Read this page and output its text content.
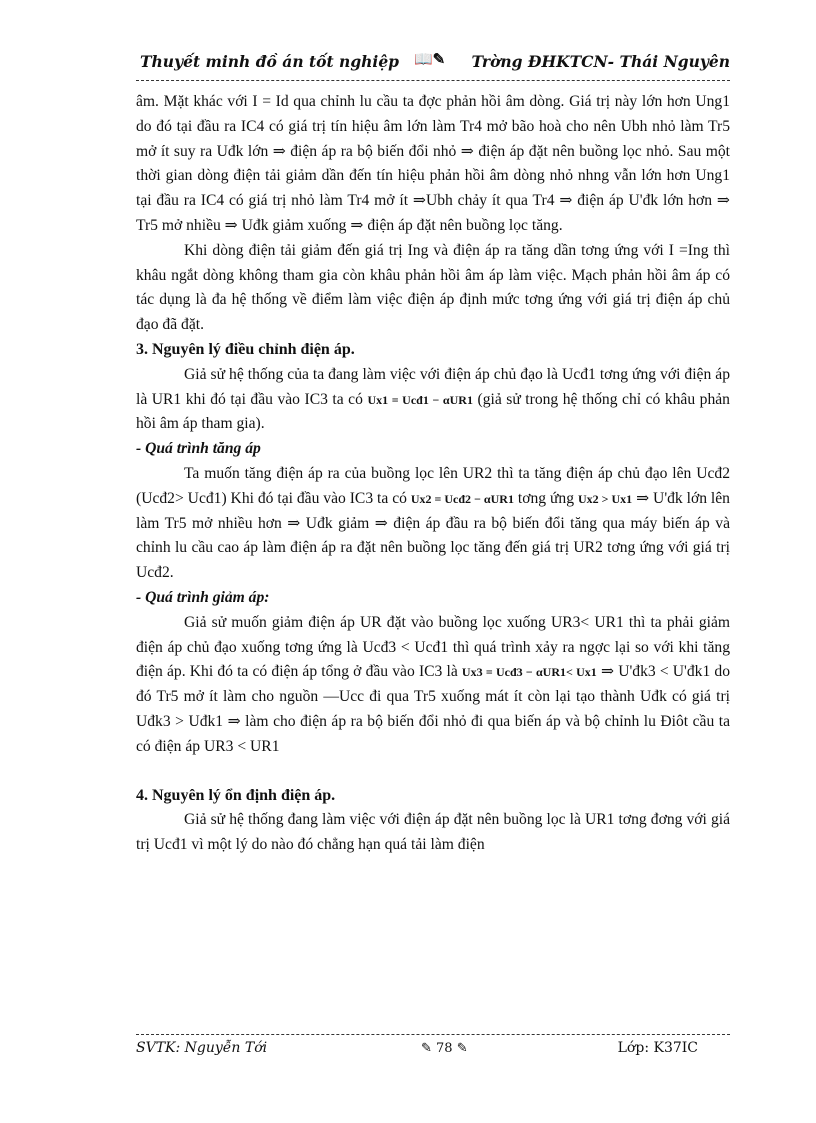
Thuyết minh đồ án tốt nghiệp 📖✎ Trờng ĐHKTCN- Thái Nguyên

âm. Mặt khác với I = Id qua chỉnh lu cầu ta đợc phản hồi âm dòng. Giá trị này lớn hơn Ung1 do đó tại đầu ra IC4 có giá trị tín hiệu âm lớn làm Tr4 mở bão hoà cho nên Ubh nhỏ làm Tr5 mở ít suy ra Uđk lớn ⇒ điện áp ra bộ biến đổi nhỏ ⇒ điện áp đặt nên buồng lọc nhỏ. Sau một thời gian dòng điện tải giảm dần đến tín hiệu phản hồi âm dòng nhỏ nhng vẫn lớn hơn Ung1 tại đầu ra IC4 có giá trị nhỏ làm Tr4 mở ít ⇒Ubh chảy ít qua Tr4 ⇒ điện áp U'đk lớn hơn ⇒ Tr5 mở nhiều ⇒ Uđk giảm xuống ⇒ điện áp đặt nên buồng lọc tăng.

Khi dòng điện tải giảm đến giá trị Ing và điện áp ra tăng dần tơng ứng với I =Ing thì khâu ngắt dòng không tham gia còn khâu phản hồi âm áp làm việc. Mạch phản hồi âm áp có tác dụng là đa hệ thống về điểm làm việc điện áp định mức tơng ứng với giá trị điện áp chủ đạo đã đặt.

3. Nguyên lý điều chỉnh điện áp.

Giả sử hệ thống của ta đang làm việc với điện áp chủ đạo là Ucđ1 tơng ứng với điện áp là UR1 khi đó tại đầu vào IC3 ta có Ux1 = Ucđ1 − αUR1 (giả sử trong hệ thống chỉ có khâu phản hồi âm áp tham gia).

- Quá trình tăng áp

Ta muốn tăng điện áp ra của buồng lọc lên UR2 thì ta tăng điện áp chủ đạo lên Ucđ2 (Ucđ2> Ucđ1) Khi đó tại đầu vào IC3 ta có Ux2 = Ucđ2 − αUR1 tơng ứng Ux2 > Ux1 ⇒ U'đk lớn lên làm Tr5 mở nhiều hơn ⇒ Uđk giảm ⇒ điện áp đầu ra bộ biến đổi tăng qua máy biến áp và chỉnh lu cầu cao áp làm điện áp ra đặt nên buồng lọc tăng đến giá trị UR2 tơng ứng với giá trị Ucđ2.

- Quá trình giảm áp:

Giả sử muốn giảm điện áp UR đặt vào buồng lọc xuống UR3< UR1 thì ta phải giảm điện áp chủ đạo xuống tơng ứng là Ucđ3 < Ucđ1 thì quá trình xảy ra ngợc lại so với khi tăng điện áp. Khi đó ta có điện áp tổng ở đầu vào IC3 là Ux3 = Ucđ3 − αUR1< Ux1 ⇒ U'đk3 < U'đk1 do đó Tr5 mở ít làm cho nguồn —Ucc đi qua Tr5 xuống mát ít còn lại tạo thành Uđk có giá trị Uđk3 > Uđk1 ⇒ làm cho điện áp ra bộ biến đổi nhỏ đi qua biến áp và bộ chỉnh lu Điôt cầu ta có điện áp UR3 < UR1

4. Nguyên lý ổn định điện áp.

Giả sử hệ thống đang làm việc với điện áp đặt nên buồng lọc là UR1 tơng đơng với giá trị Ucđ1 vì một lý do nào đó chẳng hạn quá tải làm điện

SVTK: Nguyễn Tới	✎ 78 ✎	Lớp: K37IC
